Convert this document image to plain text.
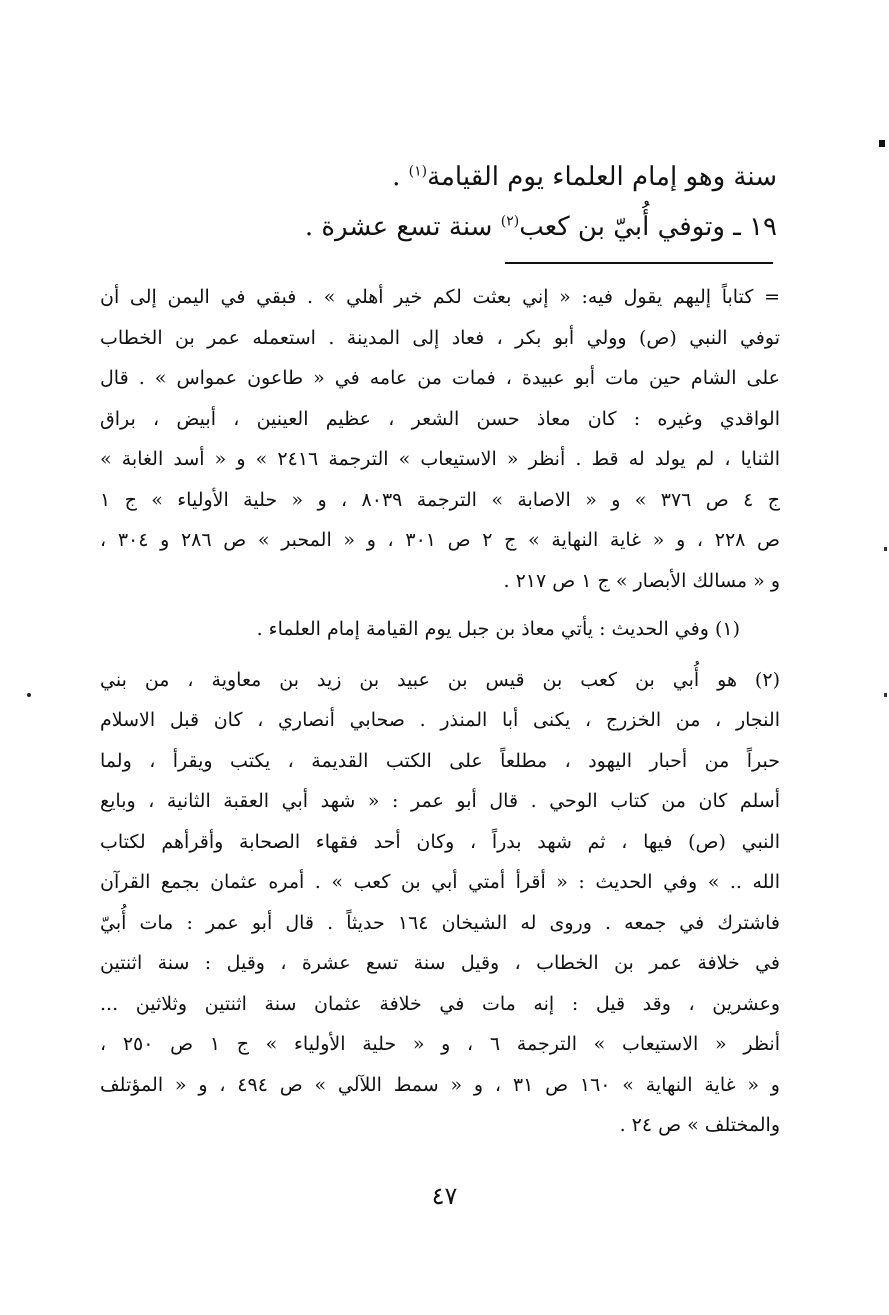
سنة وهو إمام العلماء يوم القيامة$^{(١)}$ .
١٩ ـ وتوفي أُبيّ بن كعب$^{(٢)}$ سنة تسع عشرة .
= كتاباً إليهم يقول فيه: « إني بعثت لكم خير أهلي » . فبقي في اليمن إلى أن
توفي النبي (ص) وولي أبو بكر ، فعاد إلى المدينة . استعمله عمر بن الخطاب
على الشام حين مات أبو عبيدة ، فمات من عامه في « طاعون عمواس » . قال
الواقدي وغيره : كان معاذ حسن الشعر ، عظيم العينين ، أبيض ، براق
الثنايا ، لم يولد له قط . أنظر « الاستيعاب » الترجمة ٢٤١٦ » و « أسد الغابة »
ج ٤ ص ٣٧٦ » و « الاصابة » الترجمة ٨٠٣٩ ، و « حلية الأولياء » ج ١
ص ٢٢٨ ، و « غاية النهاية » ج ٢ ص ٣٠١ ، و « المحبر » ص ٢٨٦ و ٣٠٤ ،
و « مسالك الأبصار » ج ١ ص ٢١٧ .
(١) وفي الحديث : يأتي معاذ بن جبل يوم القيامة إمام العلماء .
(٢) هو أُبي بن كعب بن قيس بن عبيد بن زيد بن معاوية ، من بني
النجار ، من الخزرج ، يكنى أبا المنذر . صحابي أنصاري ، كان قبل الاسلام
حبراً من أحبار اليهود ، مطلعاً على الكتب القديمة ، يكتب ويقرأ ، ولما
أسلم كان من كتاب الوحي . قال أبو عمر : « شهد أبي العقبة الثانية ، وبايع
النبي (ص) فيها ، ثم شهد بدراً ، وكان أحد فقهاء الصحابة وأقرأهم لكتاب
الله .. » وفي الحديث : « أقرأ أمتي أبي بن كعب » . أمره عثمان بجمع القرآن
فاشترك في جمعه . وروى له الشيخان ١٦٤ حديثاً . قال أبو عمر : مات أُبيّ
في خلافة عمر بن الخطاب ، وقيل سنة تسع عشرة ، وقيل : سنة اثنتين
وعشرين ، وقد قيل : إنه مات في خلافة عثمان سنة اثنتين وثلاثين ...
أنظر « الاستيعاب » الترجمة ٦ ، و « حلية الأولياء » ج ١ ص ٢٥٠ ،
و « غاية النهاية » ١٦٠ ص ٣١ ، و « سمط اللآلي » ص ٤٩٤ ، و « المؤتلف
والمختلف » ص ٢٤ .
٤٧
